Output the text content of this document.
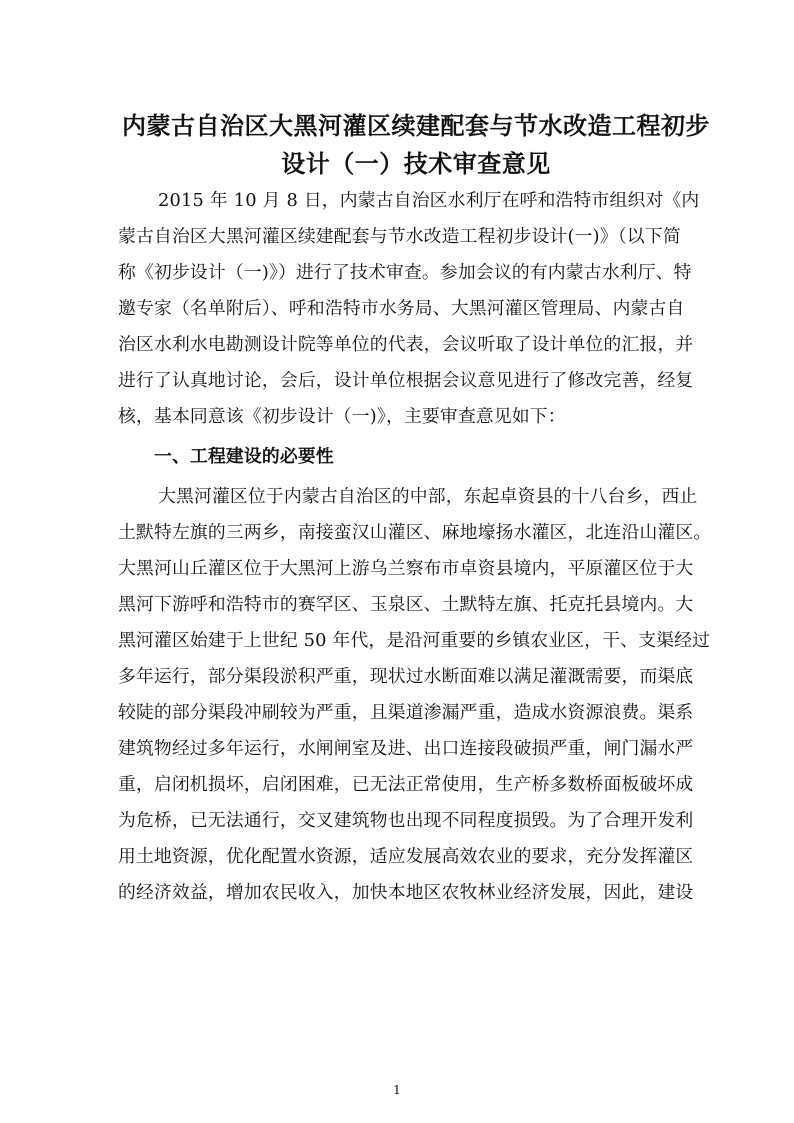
内蒙古自治区大黑河灌区续建配套与节水改造工程初步
设计（一）技术审查意见
2015 年 10 月 8 日，内蒙古自治区水利厅在呼和浩特市组织对《内
蒙古自治区大黑河灌区续建配套与节水改造工程初步设计(一)》（以下简
称《初步设计（一)》）进行了技术审查。参加会议的有内蒙古水利厅、特
邀专家（名单附后）、呼和浩特市水务局、大黑河灌区管理局、内蒙古自
治区水利水电勘测设计院等单位的代表，会议听取了设计单位的汇报，并
进行了认真地讨论，会后，设计单位根据会议意见进行了修改完善，经复
核，基本同意该《初步设计（一)》，主要审查意见如下：
一、工程建设的必要性
大黑河灌区位于内蒙古自治区的中部，东起卓资县的十八台乡，西止
土默特左旗的三两乡，南接蛮汉山灌区、麻地壕扬水灌区，北连沿山灌区。
大黑河山丘灌区位于大黑河上游乌兰察布市卓资县境内，平原灌区位于大
黑河下游呼和浩特市的赛罕区、玉泉区、土默特左旗、托克托县境内。大
黑河灌区始建于上世纪 50 年代，是沿河重要的乡镇农业区，干、支渠经过
多年运行，部分渠段淤积严重，现状过水断面难以满足灌溉需要，而渠底
较陡的部分渠段冲刷较为严重，且渠道渗漏严重，造成水资源浪费。渠系
建筑物经过多年运行，水闸闸室及进、出口连接段破损严重，闸门漏水严
重，启闭机损坏，启闭困难，已无法正常使用，生产桥多数桥面板破坏成
为危桥，已无法通行，交叉建筑物也出现不同程度损毁。为了合理开发利
用土地资源，优化配置水资源，适应发展高效农业的要求，充分发挥灌区
的经济效益，增加农民收入，加快本地区农牧林业经济发展，因此，建设
1
